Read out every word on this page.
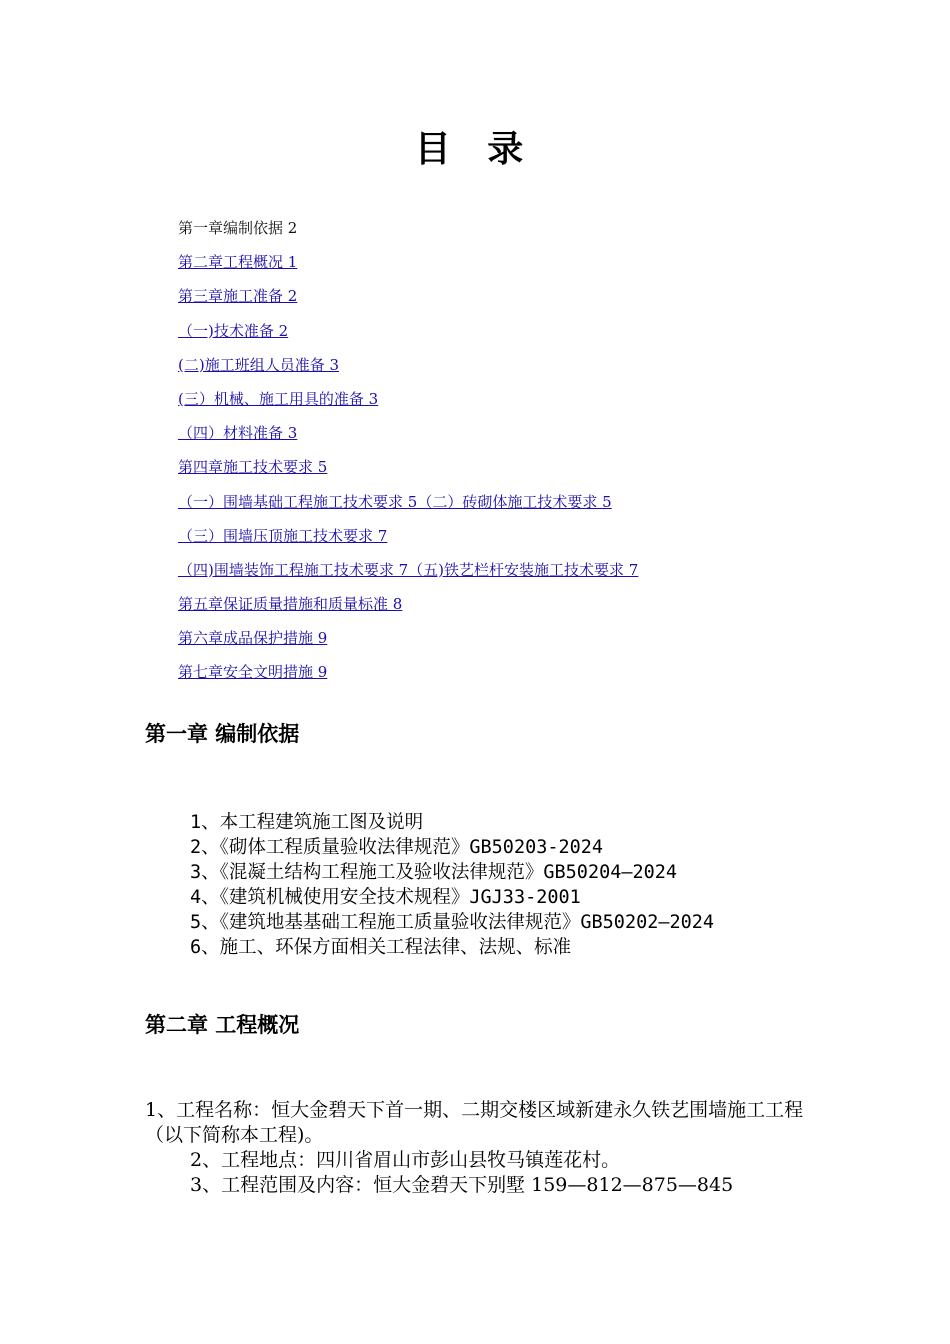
目 录
第一章编制依据 2
第二章工程概况 1
第三章施工准备 2
（一)技术准备 2
(二)施工班组人员准备 3
(三）机械、施工用具的准备 3
（四）材料准备 3
第四章施工技术要求 5
（一）围墙基础工程施工技术要求 5（二）砖砌体施工技术要求 5
（三）围墙压顶施工技术要求 7
（四)围墙装饰工程施工技术要求 7（五)铁艺栏杆安装施工技术要求 7
第五章保证质量措施和质量标准 8
第六章成品保护措施 9
第七章安全文明措施 9
第一章 编制依据

1、本工程建筑施工图及说明

2、《砌体工程质量验收法律规范》GB50203-2024

3、《混凝土结构工程施工及验收法律规范》GB50204—2024

4、《建筑机械使用安全技术规程》JGJ33-2001

5、《建筑地基基础工程施工质量验收法律规范》GB50202—2024

6、施工、环保方面相关工程法律、法规、标准

第二章 工程概况

1、工程名称：恒大金碧天下首一期、二期交楼区域新建永久铁艺围墙施工工程（以下简称本工程)。

2、工程地点：四川省眉山市彭山县牧马镇莲花村。

3、工程范围及内容：恒大金碧天下别墅 159—812—875—845
